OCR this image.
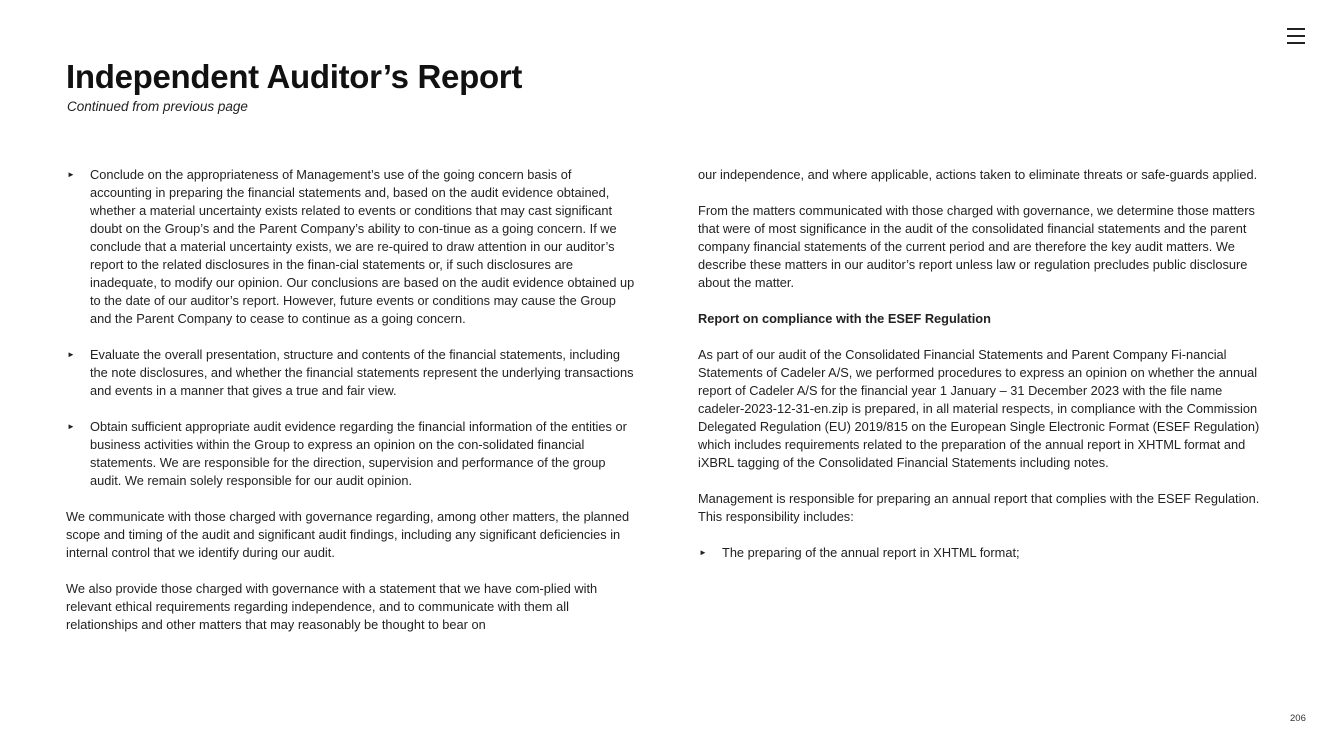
Independent Auditor’s Report

Continued from previous page

► Conclude on the appropriateness of Management’s use of the going concern basis of accounting in preparing the financial statements and, based on the audit evidence obtained, whether a material uncertainty exists related to events or conditions that may cast significant doubt on the Group’s and the Parent Company’s ability to con-tinue as a going concern. If we conclude that a material uncertainty exists, we are re-quired to draw attention in our auditor’s report to the related disclosures in the finan-cial statements or, if such disclosures are inadequate, to modify our opinion. Our conclusions are based on the audit evidence obtained up to the date of our auditor’s report. However, future events or conditions may cause the Group and the Parent Company to cease to continue as a going concern.
► Evaluate the overall presentation, structure and contents of the financial statements, including the note disclosures, and whether the financial statements represent the underlying transactions and events in a manner that gives a true and fair view.
► Obtain sufficient appropriate audit evidence regarding the financial information of the entities or business activities within the Group to express an opinion on the con-solidated financial statements. We are responsible for the direction, supervision and performance of the group audit. We remain solely responsible for our audit opinion.

We communicate with those charged with governance regarding, among other matters, the planned scope and timing of the audit and significant audit findings, including any significant deficiencies in internal control that we identify during our audit.

We also provide those charged with governance with a statement that we have com-plied with relevant ethical requirements regarding independence, and to communicate with them all relationships and other matters that may reasonably be thought to bear on

our independence, and where applicable, actions taken to eliminate threats or safe-guards applied.

From the matters communicated with those charged with governance, we determine those matters that were of most significance in the audit of the consolidated financial statements and the parent company financial statements of the current period and are therefore the key audit matters. We describe these matters in our auditor’s report unless law or regulation precludes public disclosure about the matter.

Report on compliance with the ESEF Regulation

As part of our audit of the Consolidated Financial Statements and Parent Company Fi-nancial Statements of Cadeler A/S, we performed procedures to express an opinion on whether the annual report of Cadeler A/S for the financial year 1 January – 31 December 2023 with the file name cadeler-2023-12-31-en.zip is prepared, in all material respects, in compliance with the Commission Delegated Regulation (EU) 2019/815 on the European Single Electronic Format (ESEF Regulation) which includes requirements related to the preparation of the annual report in XHTML format and iXBRL tagging of the Consolidated Financial Statements including notes.

Management is responsible for preparing an annual report that complies with the ESEF Regulation. This responsibility includes:

► The preparing of the annual report in XHTML format;
206
